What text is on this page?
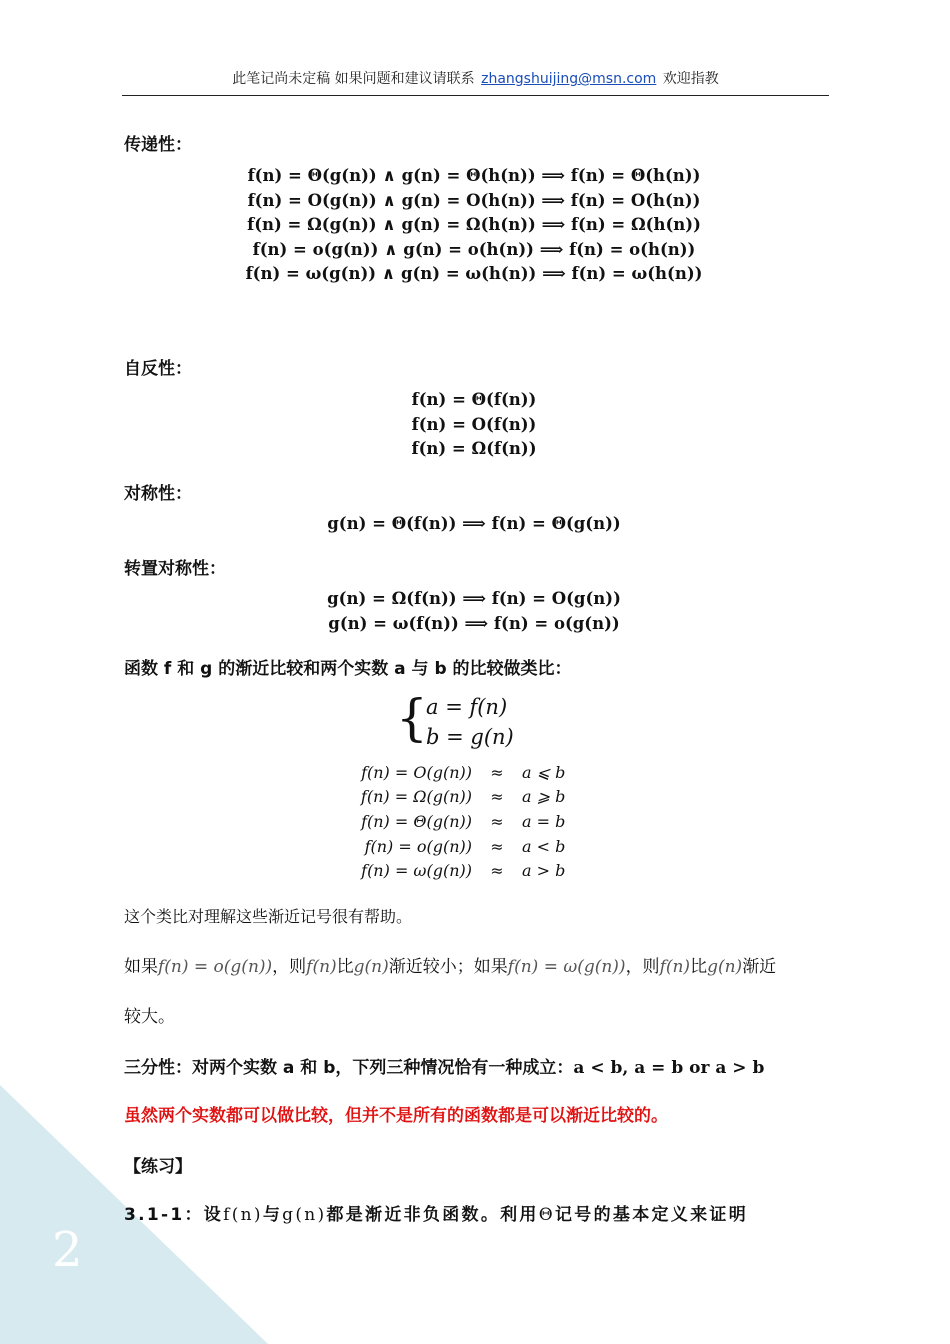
2
此笔记尚未定稿 如果问题和建议请联系 zhangshuijing@msn.com 欢迎指教
传递性：
f(n) = Θ(g(n)) ∧ g(n) = Θ(h(n)) ⟹ f(n) = Θ(h(n))
f(n) = O(g(n)) ∧ g(n) = O(h(n)) ⟹ f(n) = O(h(n))
f(n) = Ω(g(n)) ∧ g(n) = Ω(h(n)) ⟹ f(n) = Ω(h(n))
f(n) = o(g(n)) ∧ g(n) = o(h(n)) ⟹ f(n) = o(h(n))
f(n) = ω(g(n)) ∧ g(n) = ω(h(n)) ⟹ f(n) = ω(h(n))
自反性：
f(n) = Θ(f(n))
f(n) = O(f(n))
f(n) = Ω(f(n))
对称性：
g(n) = Θ(f(n)) ⟹ f(n) = Θ(g(n))
转置对称性：
g(n) = Ω(f(n)) ⟹ f(n) = O(g(n))
g(n) = ω(f(n)) ⟹ f(n) = o(g(n))
函数 f 和 g 的渐近比较和两个实数 a 与 b 的比较做类比：
{
a = f(n)
b = g(n)
f(n) = O(g(n))	≈	a ⩽ b
f(n) = Ω(g(n))	≈	a ⩾ b
f(n) = Θ(g(n))	≈	a = b
f(n) = o(g(n))	≈	a < b
f(n) = ω(g(n))	≈	a > b
这个类比对理解这些渐近记号很有帮助。
如果f(n) = o(g(n))，则f(n)比g(n)渐近较小；如果f(n) = ω(g(n))，则f(n)比g(n)渐近
较大。
三分性：对两个实数 a 和 b，下列三种情况恰有一种成立：a < b, a = b or a > b
虽然两个实数都可以做比较，但并不是所有的函数都是可以渐近比较的。
【练习】
3.1-1：设f(n)与g(n)都是渐近非负函数。利用Θ记号的基本定义来证明
